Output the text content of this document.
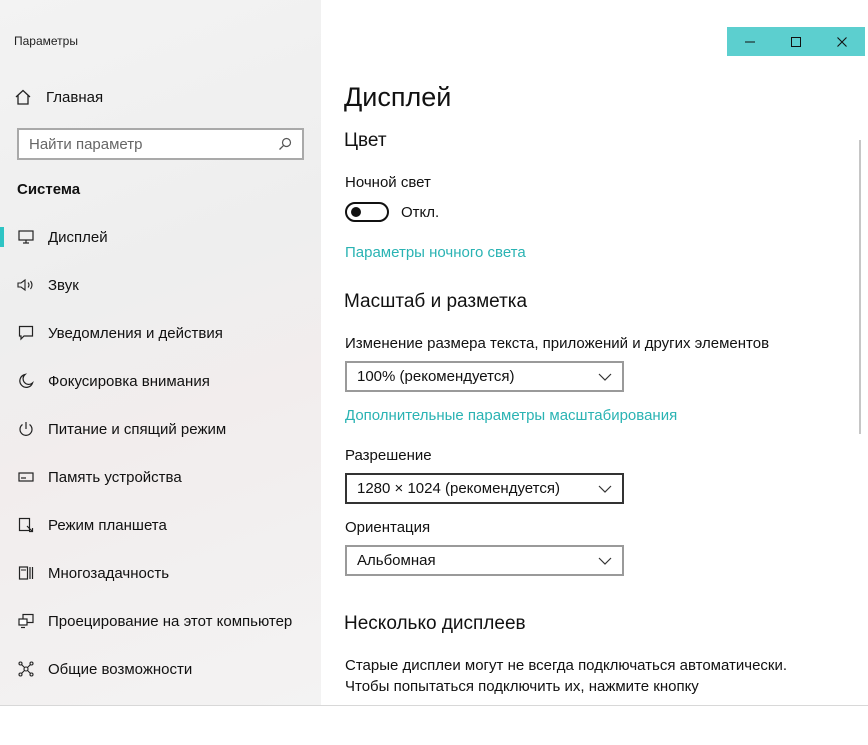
Параметры
Главная
Найти параметр
Система
Дисплей
Звук
Уведомления и действия
Фокусировка внимания
Питание и спящий режим
Память устройства
Режим планшета
Многозадачность
Проецирование на этот компьютер
Общие возможности
Дисплей
Цвет
Ночной свет
Откл.
Параметры ночного света
Масштаб и разметка
Изменение размера текста, приложений и других элементов
100% (рекомендуется)
Дополнительные параметры масштабирования
Разрешение
1280 × 1024 (рекомендуется)
Ориентация
Альбомная
Несколько дисплеев
Старые дисплеи могут не всегда подключаться автоматически.
Чтобы попытаться подключить их, нажмите кнопку
